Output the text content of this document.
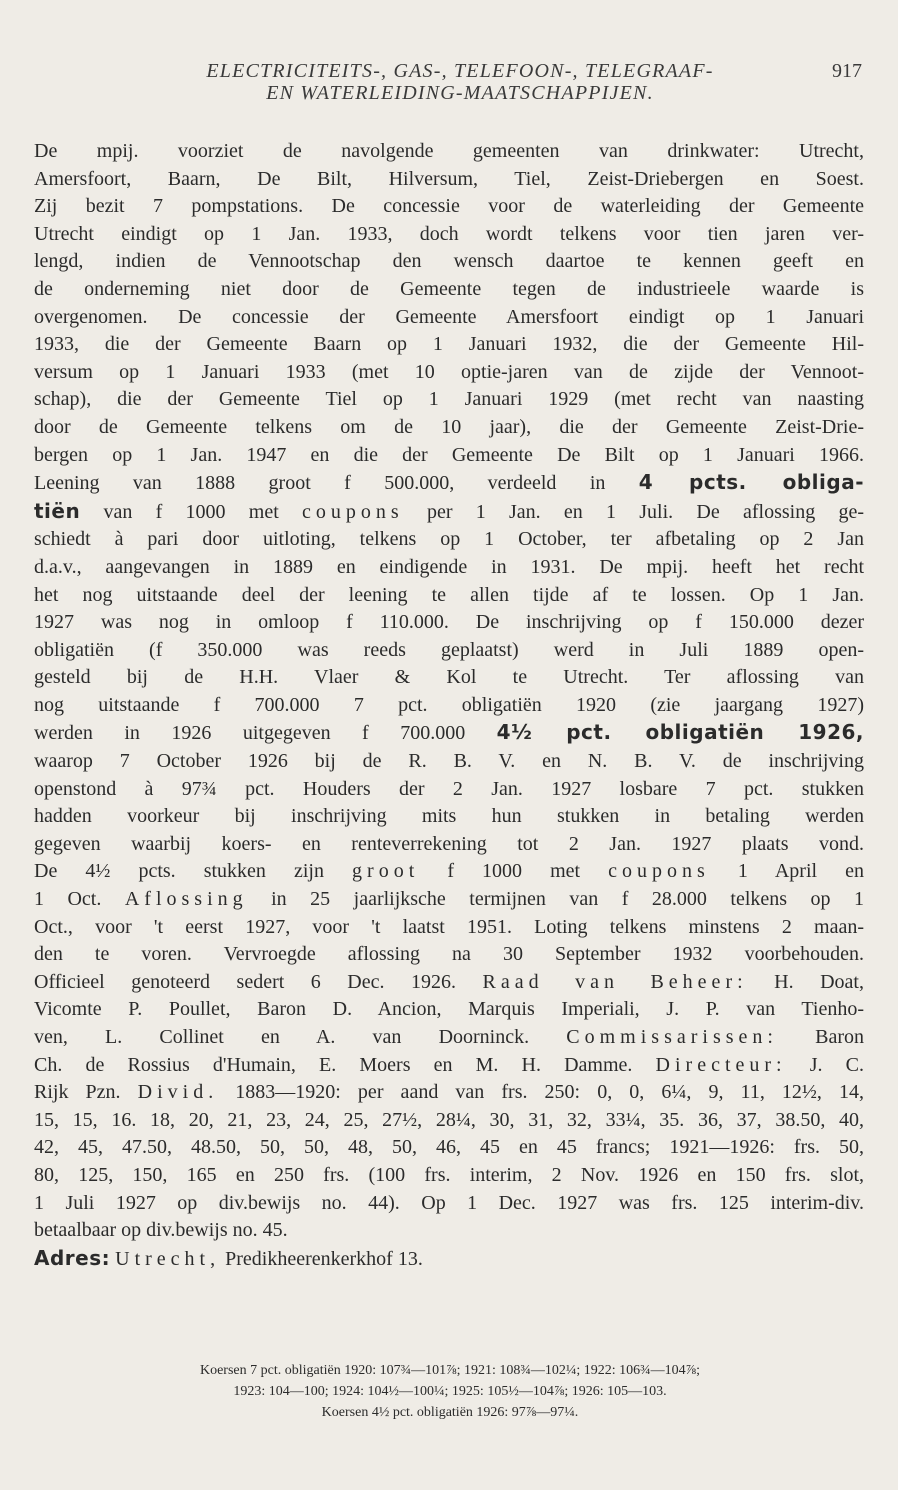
ELECTRICITEITS-, GAS-, TELEFOON-, TELEGRAAF-
EN WATERLEIDING-MAATSCHAPPIJEN.
917
De mpij. voorziet de navolgende gemeenten van drinkwater: Utrecht,
Amersfoort, Baarn, De Bilt, Hilversum, Tiel, Zeist-Driebergen en Soest.
Zij bezit 7 pompstations. De concessie voor de waterleiding der Gemeente
Utrecht eindigt op 1 Jan. 1933, doch wordt telkens voor tien jaren ver-
lengd, indien de Vennootschap den wensch daartoe te kennen geeft en
de onderneming niet door de Gemeente tegen de industrieele waarde is
overgenomen. De concessie der Gemeente Amersfoort eindigt op 1 Januari
1933, die der Gemeente Baarn op 1 Januari 1932, die der Gemeente Hil-
versum op 1 Januari 1933 (met 10 optie-jaren van de zijde der Vennoot-
schap), die der Gemeente Tiel op 1 Januari 1929 (met recht van naasting
door de Gemeente telkens om de 10 jaar), die der Gemeente Zeist-Drie-
bergen op 1 Jan. 1947 en die der Gemeente De Bilt op 1 Januari 1966.
Leening van 1888 groot f 500.000, verdeeld in 4 pcts. obliga-
tiën van f 1000 met coupons per 1 Jan. en 1 Juli. De aflossing ge-
schiedt à pari door uitloting, telkens op 1 October, ter afbetaling op 2 Jan
d.a.v., aangevangen in 1889 en eindigende in 1931. De mpij. heeft het recht
het nog uitstaande deel der leening te allen tijde af te lossen. Op 1 Jan.
1927 was nog in omloop f 110.000. De inschrijving op f 150.000 dezer
obligatiën (f 350.000 was reeds geplaatst) werd in Juli 1889 open-
gesteld bij de H.H. Vlaer & Kol te Utrecht. Ter aflossing van
nog uitstaande f 700.000 7 pct. obligatiën 1920 (zie jaargang 1927)
werden in 1926 uitgegeven f 700.000 4½ pct. obligatiën 1926,
waarop 7 October 1926 bij de R. B. V. en N. B. V. de inschrijving
openstond à 97¾ pct. Houders der 2 Jan. 1927 losbare 7 pct. stukken
hadden voorkeur bij inschrijving mits hun stukken in betaling werden
gegeven waarbij koers- en renteverrekening tot 2 Jan. 1927 plaats vond.
De 4½ pcts. stukken zijn groot f 1000 met coupons 1 April en
1 Oct. Aflossing in 25 jaarlijksche termijnen van f 28.000 telkens op 1
Oct., voor 't eerst 1927, voor 't laatst 1951. Loting telkens minstens 2 maan-
den te voren. Vervroegde aflossing na 30 September 1932 voorbehouden.
Officieel genoteerd sedert 6 Dec. 1926. Raad van Beheer: H. Doat,
Vicomte P. Poullet, Baron D. Ancion, Marquis Imperiali, J. P. van Tienho-
ven, L. Collinet en A. van Doorninck. Commissarissen: Baron
Ch. de Rossius d'Humain, E. Moers en M. H. Damme. Directeur: J. C.
Rijk Pzn. Divid. 1883—1920: per aand van frs. 250: 0, 0, 6¼, 9, 11, 12½, 14,
15, 15, 16. 18, 20, 21, 23, 24, 25, 27½, 28¼, 30, 31, 32, 33¼, 35. 36, 37, 38.50, 40,
42, 45, 47.50, 48.50, 50, 50, 48, 50, 46, 45 en 45 francs; 1921—1926: frs. 50,
80, 125, 150, 165 en 250 frs. (100 frs. interim, 2 Nov. 1926 en 150 frs. slot,
1 Juli 1927 op div.bewijs no. 44). Op 1 Dec. 1927 was frs. 125 interim-div.
betaalbaar op div.bewijs no. 45.
Adres: Utrecht, Predikheerenkerkhof 13.
Koersen 7 pct. obligatiën 1920: 107¾—101⅞; 1921: 108¾—102¼; 1922: 106¾—104⅞;
1923: 104—100; 1924: 104½—100¼; 1925: 105½—104⅞; 1926: 105—103.
Koersen 4½ pct. obligatiën 1926: 97⅞—97¼.
